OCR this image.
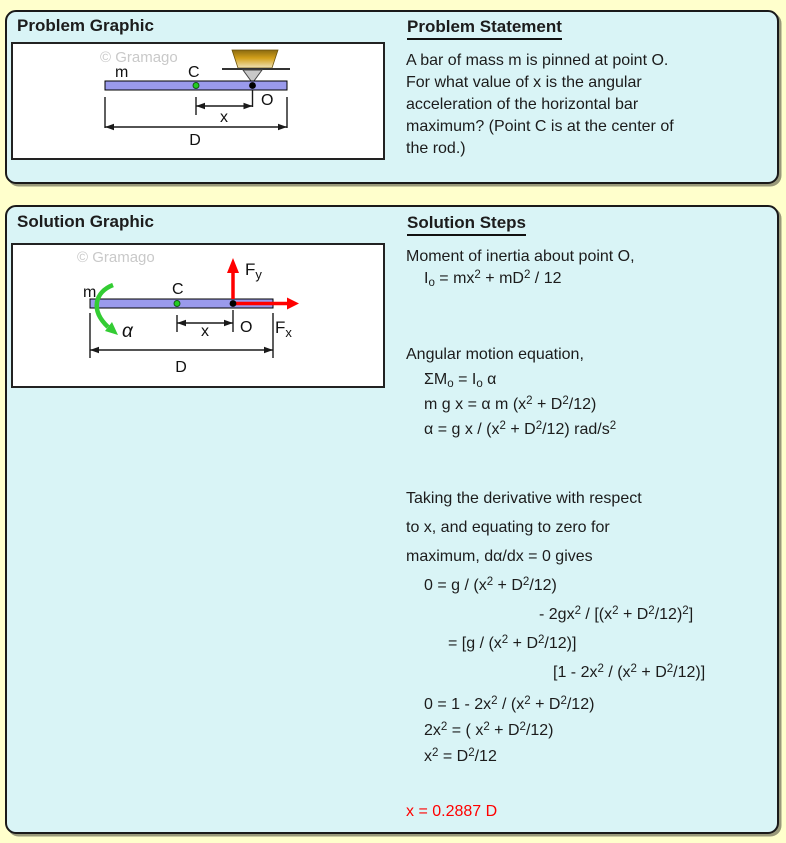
Problem Graphic
© Gramago
m	C
O
x
D
Problem Statement
A bar of mass m is pinned at point O.
For what value of x is the angular
acceleration of the horizontal bar
maximum? (Point C is at the center of
the rod.)
Solution Graphic
© Gramago
α
m	C
O
$F_y$
$F_x$
x
D
Solution Steps
Moment of inertia about point O,
$I_o = mx^2 + mD^2 / 12$
Angular motion equation,
$\Sigma M_o = I_o$ α
m g x = α m $(x^2 + D^2/12)$
α = g $x / (x^2 + D^2/12)$ rad/$s^2$
Taking the derivative with respect
to x, and equating to zero for
maximum, dα/dx = 0 gives
$0 = g / (x^2 + D^2/12)$
- $2gx^2 / [(x^2 + D^2/12)^2]$
= $[g / (x^2 + D^2/12)]$
$[1 - 2x^2 / (x^2 + D^2/12)]$
$0 = 1 - 2x^2 / (x^2 + D^2/12)$
$2x^2$ = ( $x^2 + D^2/12$)
$x^2 = D^2/12$
x = 0.2887 D
